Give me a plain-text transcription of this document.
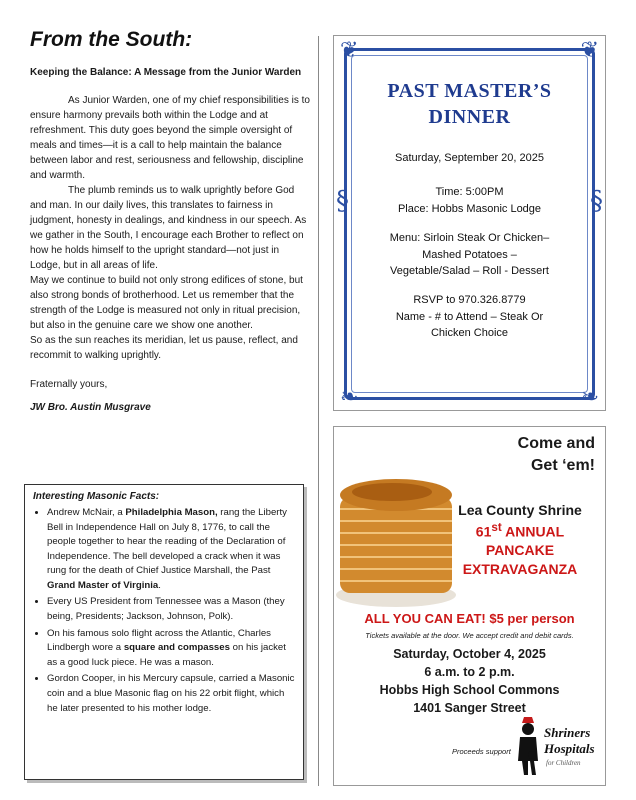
From the South:

Keeping the Balance: A Message from the Junior Warden

As Junior Warden, one of my chief responsibilities is to ensure harmony prevails both within the Lodge and at refreshment. This duty goes beyond the simple oversight of meals and times—it is a call to help maintain the balance between labor and rest, seriousness and fellowship, discipline and warmth.

The plumb reminds us to walk uprightly before God and man. In our daily lives, this translates to fairness in judgment, honesty in dealings, and kindness in our speech. As we gather in the South, I encourage each Brother to reflect on how he holds himself to the upright standard—not just in Lodge, but in all areas of life.

May we continue to build not only strong edifices of stone, but also strong bonds of brotherhood. Let us remember that the strength of the Lodge is measured not only in ritual precision, but also in the genuine care we show one another.

So as the sun reaches its meridian, let us pause, reflect, and recommit to walking uprightly.

Fraternally yours,

JW Bro. Austin Musgrave

Interesting Masonic Facts:

• Andrew McNair, a Philadelphia Mason, rang the Liberty Bell in Independence Hall on July 8, 1776, to call the people together to hear the reading of the Declaration of Independence. The bell developed a crack when it was rung for the death of Chief Justice Marshall, the Past Grand Master of Virginia.
• Every US President from Tennessee was a Mason (they being, Presidents; Jackson, Johnson, Polk).
• On his famous solo flight across the Atlantic, Charles Lindbergh wore a square and compasses on his jacket as a good luck piece. He was a mason.
• Gordon Cooper, in his Mercury capsule, carried a Masonic coin and a blue Masonic flag on his 22 orbit flight, which he later presented to his mother lodge.
❦	❦
❧	❧
§	§
PAST MASTER’S
DINNER
Saturday, September 20, 2025
Time: 5:00PM
Place: Hobbs Masonic Lodge
Menu: Sirloin Steak Or Chicken–
Mashed Potatoes –
Vegetable/Salad – Roll - Dessert
RSVP to 970.326.8779
Name - # to Attend – Steak Or
Chicken Choice
Come and
Get ‘em!
Lea County Shrine
61st ANNUAL
PANCAKE
EXTRAVAGANZA
ALL YOU CAN EAT! $5 per person
Tickets available at the door. We accept credit and debit cards.
Saturday, October 4, 2025
6 a.m. to 2 p.m.
Hobbs High School Commons
1401 Sanger Street
Proceeds support
Shriners
Hospitals
for Children
